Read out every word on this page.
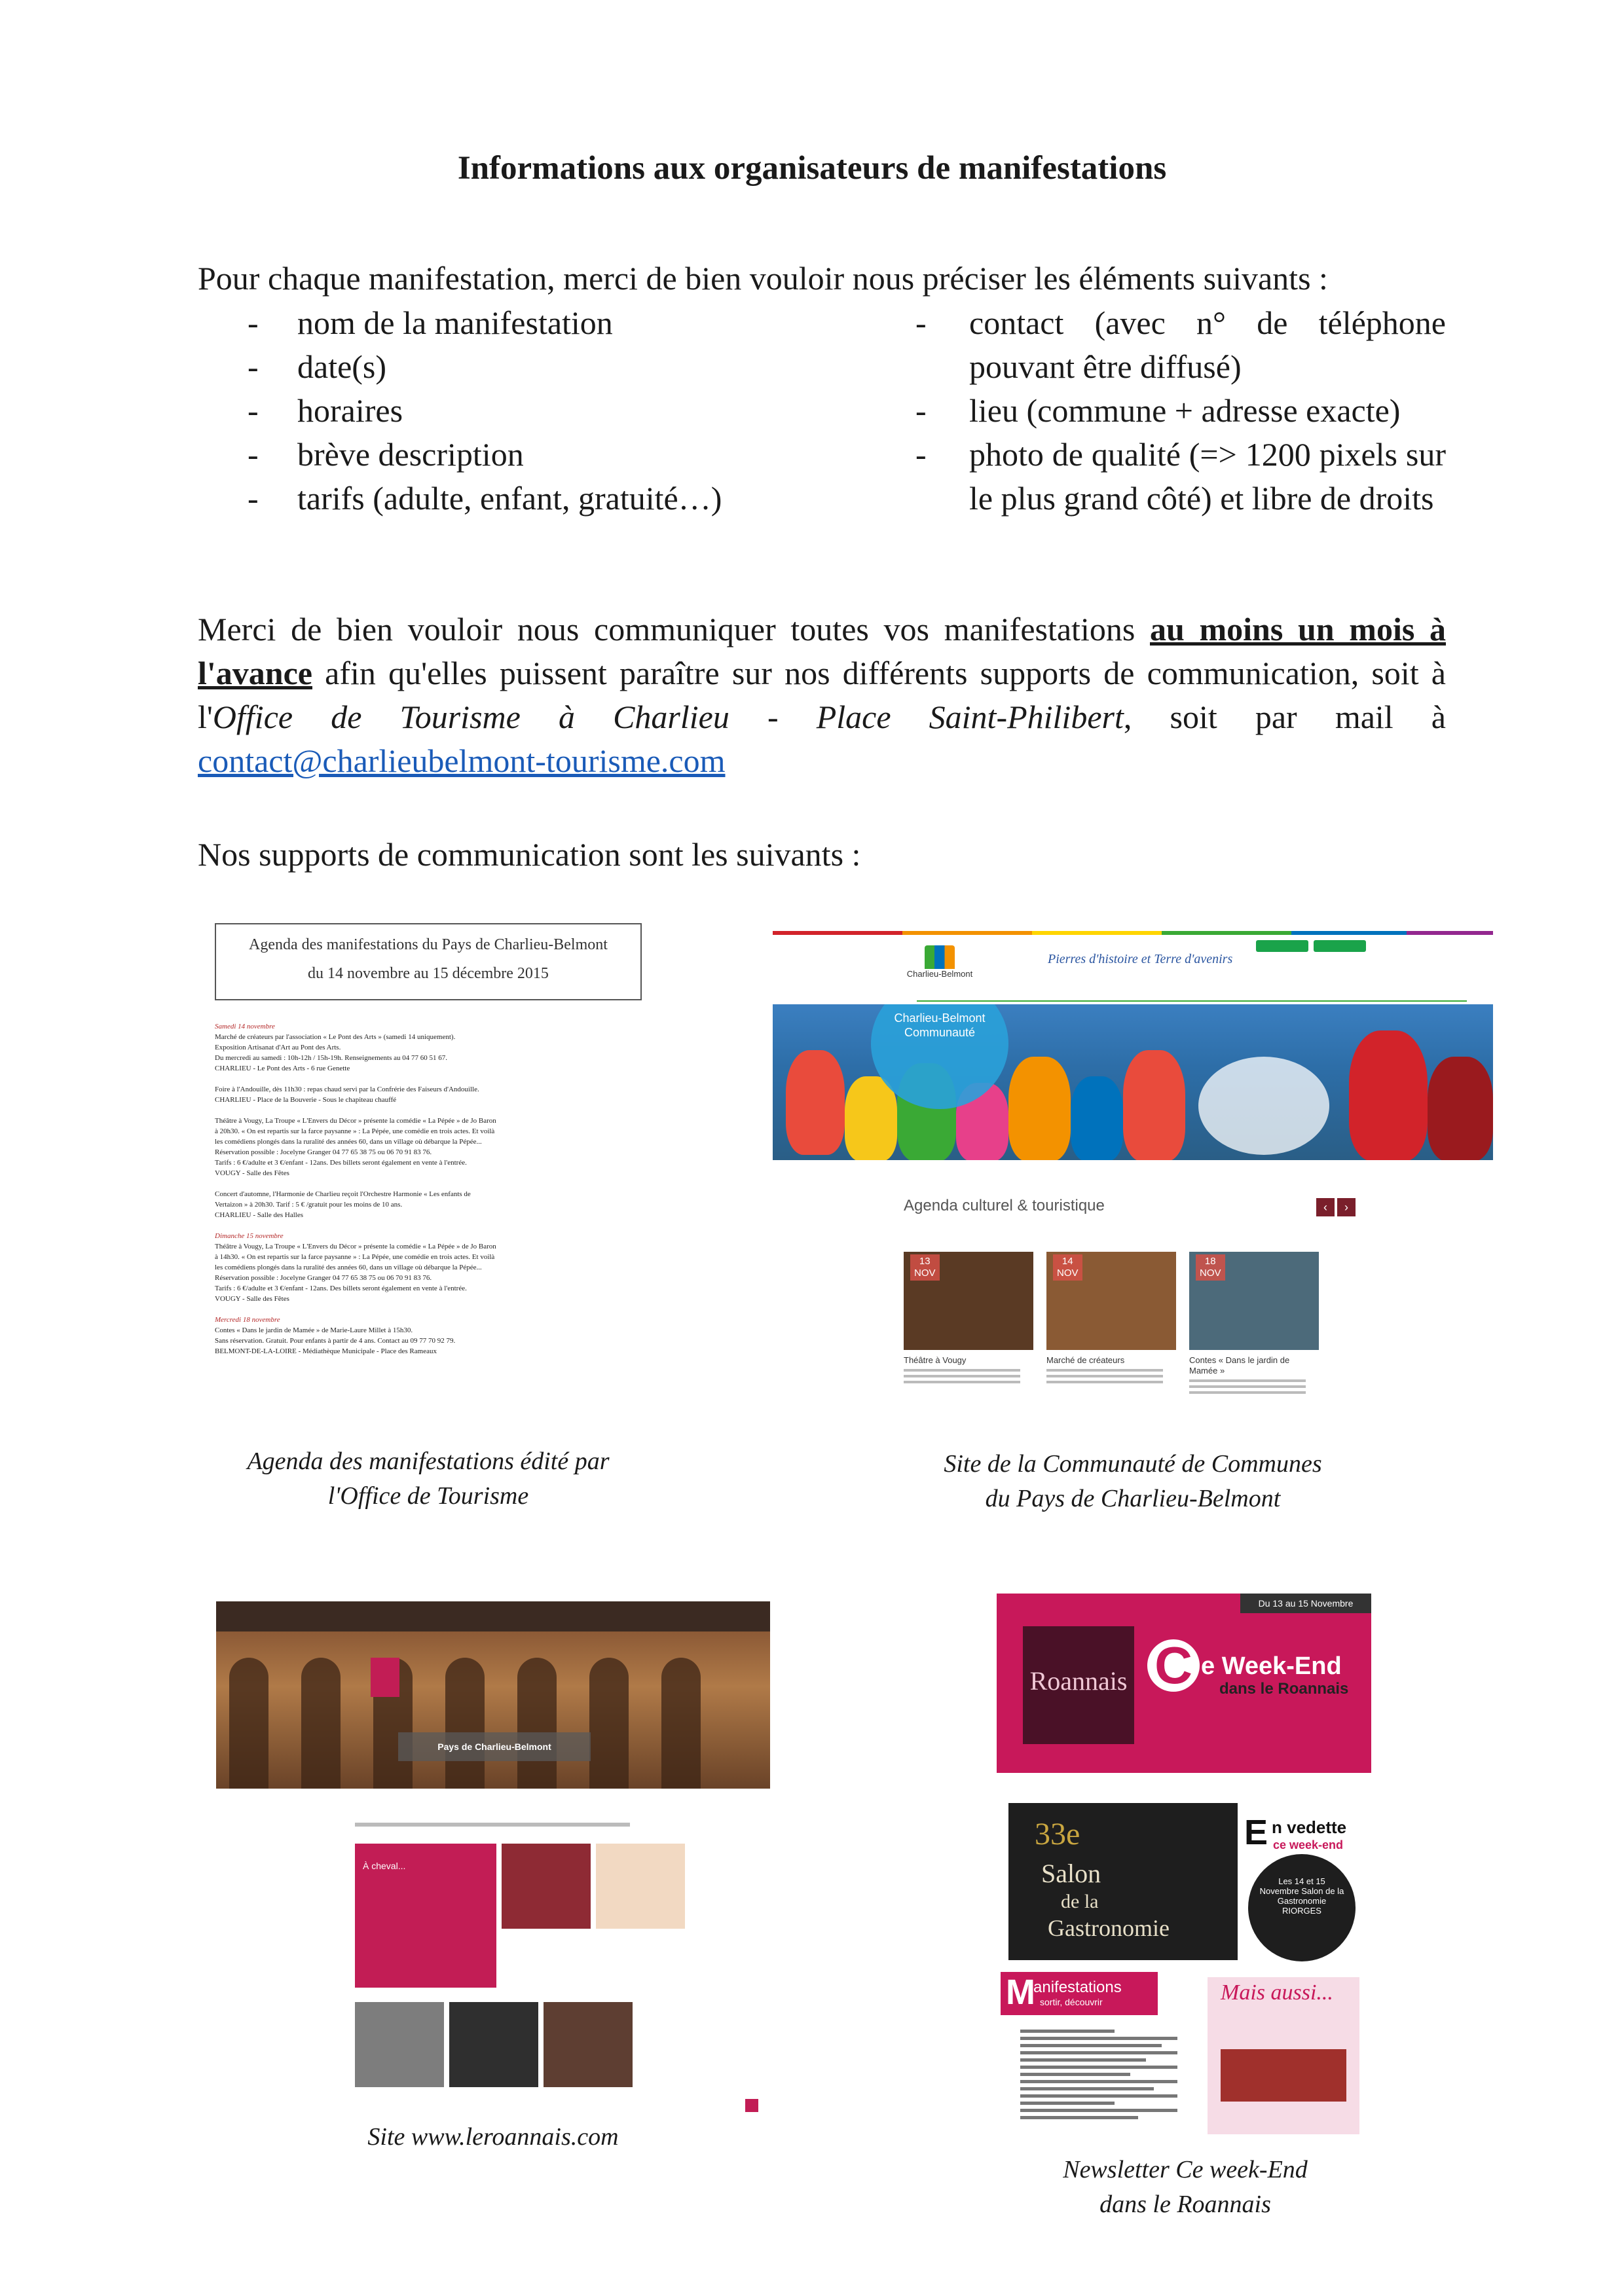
Informations aux organisateurs de manifestations
Pour chaque manifestation, merci de bien vouloir nous préciser les éléments suivants :
- nom de la manifestation
- date(s)
- horaires
- brève description
- tarifs (adulte, enfant, gratuité…)
- contact (avec n° de téléphone pouvant être diffusé)
- lieu (commune + adresse exacte)
- photo de qualité (=> 1200 pixels sur le plus grand côté) et libre de droits
Merci de bien vouloir nous communiquer toutes vos manifestations au moins un mois à l'avance afin qu'elles puissent paraître sur nos différents supports de communication, soit à l'Office de Tourisme à Charlieu - Place Saint-Philibert, soit par mail à contact@charlieubelmont-tourisme.com
Nos supports de communication sont les suivants :
Agenda des manifestations du Pays de Charlieu-Belmont
du 14 novembre au 15 décembre 2015
Samedi 14 novembre
Marché de créateurs par l'association « Le Pont des Arts » (samedi 14 uniquement).
Exposition Artisanat d'Art au Pont des Arts.
Du mercredi au samedi : 10h-12h / 15h-19h. Renseignements au 04 77 60 51 67.
CHARLIEU - Le Pont des Arts - 6 rue Genette
Foire à l'Andouille, dès 11h30 : repas chaud servi par la Confrérie des Faiseurs d'Andouille.
CHARLIEU - Place de la Bouverie - Sous le chapiteau chauffé
Théâtre à Vougy, La Troupe « L'Envers du Décor » présente la comédie « La Pépée » de Jo Baron
à 20h30. « On est repartis sur la farce paysanne » : La Pépée, une comédie en trois actes. Et voilà
les comédiens plongés dans la ruralité des années 60, dans un village où débarque la Pépée...
Réservation possible : Jocelyne Granger 04 77 65 38 75 ou 06 70 91 83 76.
Tarifs : 6 €/adulte et 3 €/enfant - 12ans. Des billets seront également en vente à l'entrée.
VOUGY - Salle des Fêtes
Concert d'automne, l'Harmonie de Charlieu reçoit l'Orchestre Harmonie « Les enfants de
Vertaizon » à 20h30. Tarif : 5 € /gratuit pour les moins de 10 ans.
CHARLIEU - Salle des Halles
Dimanche 15 novembre
Théâtre à Vougy, La Troupe « L'Envers du Décor » présente la comédie « La Pépée » de Jo Baron
à 14h30. « On est repartis sur la farce paysanne » : La Pépée, une comédie en trois actes. Et voilà
les comédiens plongés dans la ruralité des années 60, dans un village où débarque la Pépée...
Réservation possible : Jocelyne Granger 04 77 65 38 75 ou 06 70 91 83 76.
Tarifs : 6 €/adulte et 3 €/enfant - 12ans. Des billets seront également en vente à l'entrée.
VOUGY - Salle des Fêtes
Mercredi 18 novembre
Contes « Dans le jardin de Mamée » de Marie-Laure Millet à 15h30.
Sans réservation. Gratuit. Pour enfants à partir de 4 ans. Contact au 09 77 70 92 79.
BELMONT-DE-LA-LOIRE - Médiathèque Municipale - Place des Rameaux
Agenda des manifestations édité par
l'Office de Tourisme
Charlieu-Belmont
Pierres d'histoire et Terre d'avenirs
Charlieu-Belmont Communauté
Agenda culturel & touristique	‹ ›
13
NOV
Théâtre à Vougy
14
NOV
Marché de créateurs
18
NOV
Contes « Dans le jardin de Mamée »
Site de la Communauté de Communes
du Pays de Charlieu-Belmont
Pays de Charlieu-Belmont
À cheval...
Site www.leroannais.com
Du 13 au 15 Novembre
Roannais C e Week-End
dans le Roannais
33e
Salon
de la
Gastronomie
E n vedette
ce week-end
Les 14 et 15 Novembre Salon de la Gastronomie RIORGES
M
anifestations
sortir, découvrir	Mais aussi...
Newsletter Ce week-End
dans le Roannais
